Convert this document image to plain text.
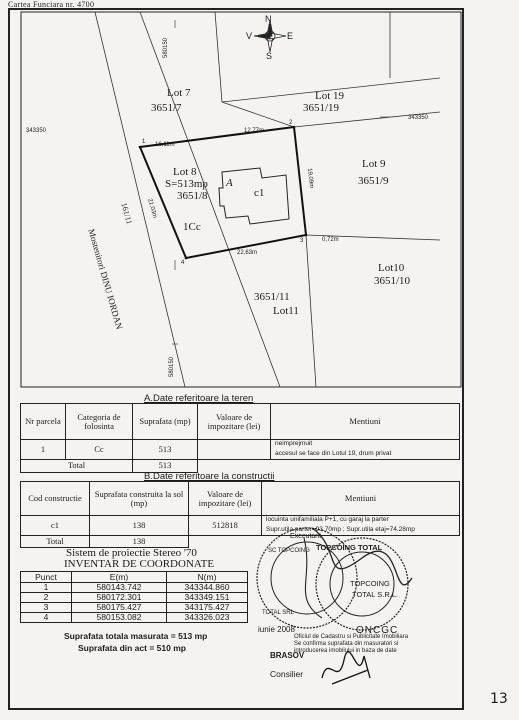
Cartea Funciara nr. 4700
N
S
E
V
580150
580150
343350
343350
Lot 7
3651/7
Lot 19
3651/19
Lot 8
S=513mp
3651/8
1Cc
c1
A
Lot 9
3651/9
Lot10
3651/10
3651/11
Lot11
Mostenitori DINU IORDAN
161/11
16,11m
12,77m
19,09m
21,03m
22,63m
0,72m
1
2
3
4
A.Date referitoare la teren
Nr parcela	Categoria de folosinta	Suprafata (mp)	Valoare de impozitare (lei)	Mentiuni
1	Cc	513		neimprejmuit
accesul se face din Lotul 19, drum privat

Total		513		
B.Date referitoare la constructii
Cod constructie	Suprafata construita la sol (mp)	Valoare de impozitare (lei)	Mentiuni
c1	138	512818	locuinta unifamiliala P+1, cu garaj la parter
Supr.utila parter=93.70mp ; Supr.utila etaj=74.28mp

Total	138		
Sistem de proiectie Stereo '70
INVENTAR DE COORDONATE
Punct	E(m)	N(m)
1	580143.742	343344.860
2	580172.301	343349.151
3	580175.427	343175.427
4	580153.082	343326.023
Suprafata totala masurata = 513 mp
Suprafata din act = 510 mp
Executant,
TOPCOING TOTAL
SC TOPCOING
TOTAL SRL
TOPCOING
TOTAL S.R.L.
ONCGC
iunie 2008
Oficiul de Cadastru si Publicitate Imobiliara
Se confirma suprafata din masuratori si
introducerea imobilului in baza de date
BRASOV
Consilier
13
